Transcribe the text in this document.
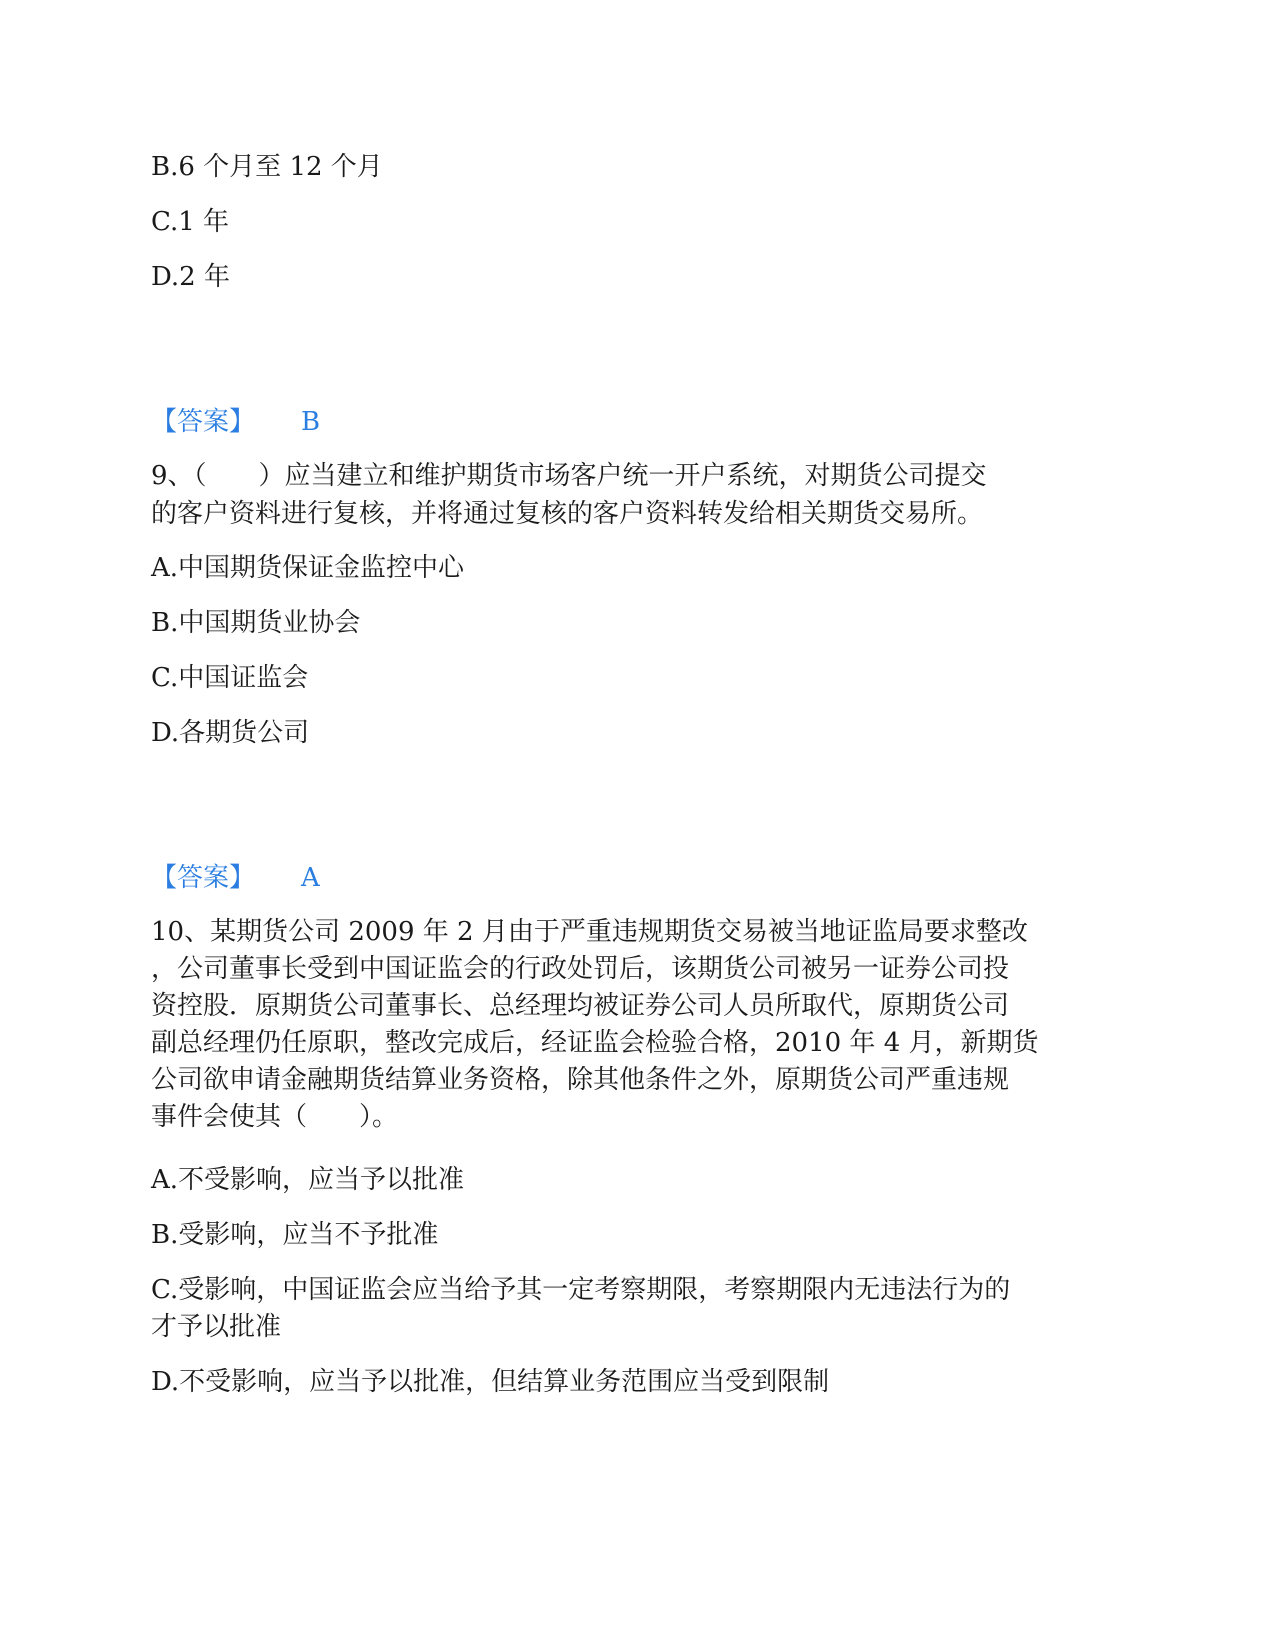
B.6 个月至 12 个月
C.1 年
D.2 年
【答案】 B
9、（　　）应当建立和维护期货市场客户统一开户系统，对期货公司提交
的客户资料进行复核，并将通过复核的客户资料转发给相关期货交易所。
A.中国期货保证金监控中心
B.中国期货业协会
C.中国证监会
D.各期货公司
【答案】 A
10、某期货公司 2009 年 2 月由于严重违规期货交易被当地证监局要求整改
，公司董事长受到中国证监会的行政处罚后，该期货公司被另一证券公司投
资控股．原期货公司董事长、总经理均被证券公司人员所取代，原期货公司
副总经理仍任原职，整改完成后，经证监会检验合格，2010 年 4 月，新期货
公司欲申请金融期货结算业务资格，除其他条件之外，原期货公司严重违规
事件会使其（　　）。
A.不受影响，应当予以批准
B.受影响，应当不予批准
C.受影响，中国证监会应当给予其一定考察期限，考察期限内无违法行为的
才予以批准
D.不受影响，应当予以批准，但结算业务范围应当受到限制
